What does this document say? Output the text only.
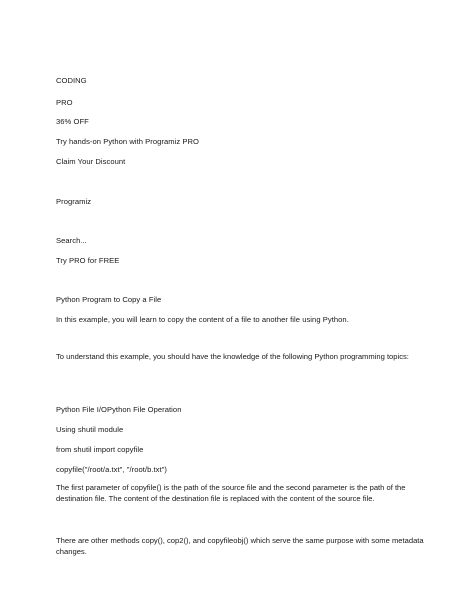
CODING
PRO
36% OFF
Try hands-on Python with Programiz PRO
Claim Your Discount
Programiz
Search...
Try PRO for FREE
Python Program to Copy a File
In this example, you will learn to copy the content of a file to another file using Python.
To understand this example, you should have the knowledge of the following Python programming topics:
Python File I/OPython File Operation
Using shutil module
from shutil import copyfile
copyfile("/root/a.txt", "/root/b.txt")
The first parameter of copyfile() is the path of the source file and the second parameter is the path of the destination file. The content of the destination file is replaced with the content of the source file.
There are other methods copy(), cop2(), and copyfileobj() which serve the same purpose with some metadata changes.
